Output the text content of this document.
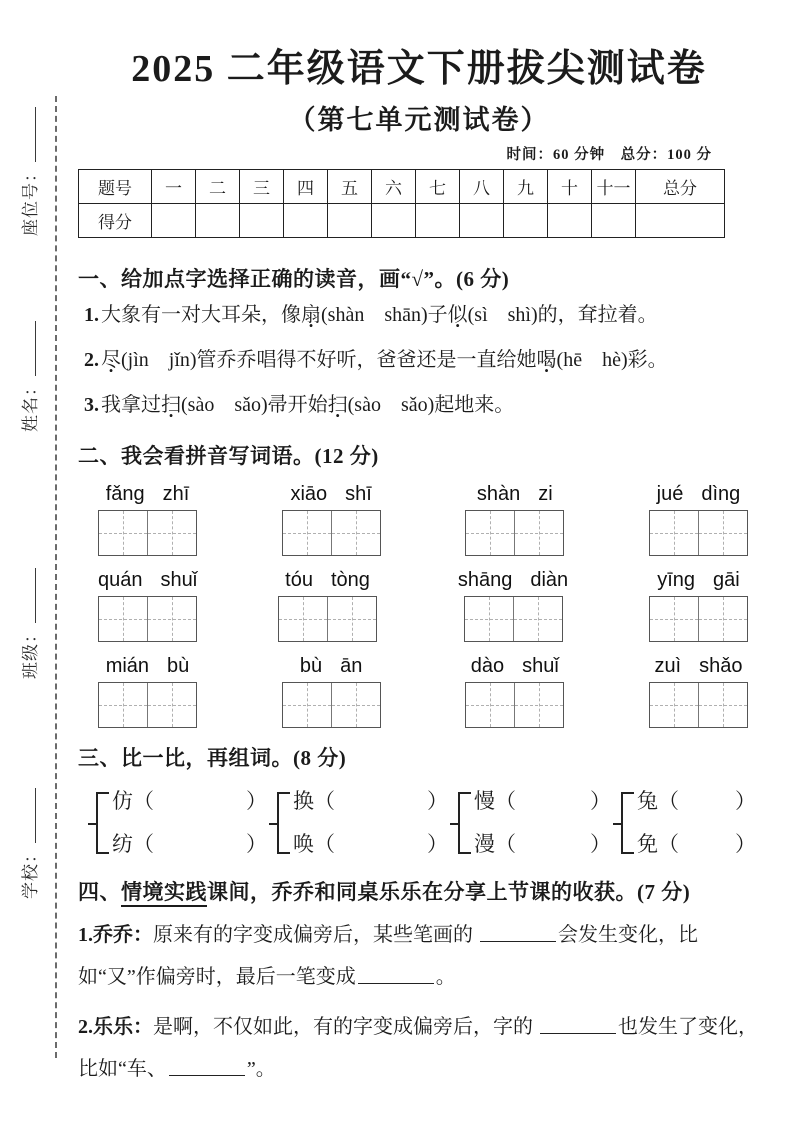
座位号：
姓名：
班级：
学校：
2025 二年级语文下册拔尖测试卷
（第七单元测试卷）
时间：60 分钟　总分：100 分
题号	一	二	三	四	五	六	七	八	九	十	十一	总分
得分												
一、给加点字选择正确的读音，画“√”。(6 分)
1. 大象有一对大耳朵，像扇(shàn　shān)子似(sì　shì)的，耷拉着。
2. 尽(jìn　jǐn)管乔乔唱得不好听，爸爸还是一直给她喝(hē　hè)彩。
3. 我拿过扫(sào　sǎo)帚开始扫(sào　sǎo)起地来。
二、我会看拼音写词语。(12 分)
fǎng zhī	xiāo shī	shàn zi	jué dìng
quán shuǐ	tóu tòng	shāng diàn	yīng gāi
mián bù	bù ān	dào shuǐ	zuì shǎo
三、比一比，再组词。(8 分)
仿 （	）
纺 （	）
换 （	）
唤 （	）
慢 （	）
漫 （	）
兔 （	）
免 （	）
四、情境实践课间，乔乔和同桌乐乐在分享上节课的收获。(7 分)
1.乔乔：原来有的字变成偏旁后，某些笔画的	会发生变化，比如“又”作偏旁时，最后一笔变成	。
2.乐乐：是啊，不仅如此，有的字变成偏旁后，字的	也发生了变化，比如“车、	”。
